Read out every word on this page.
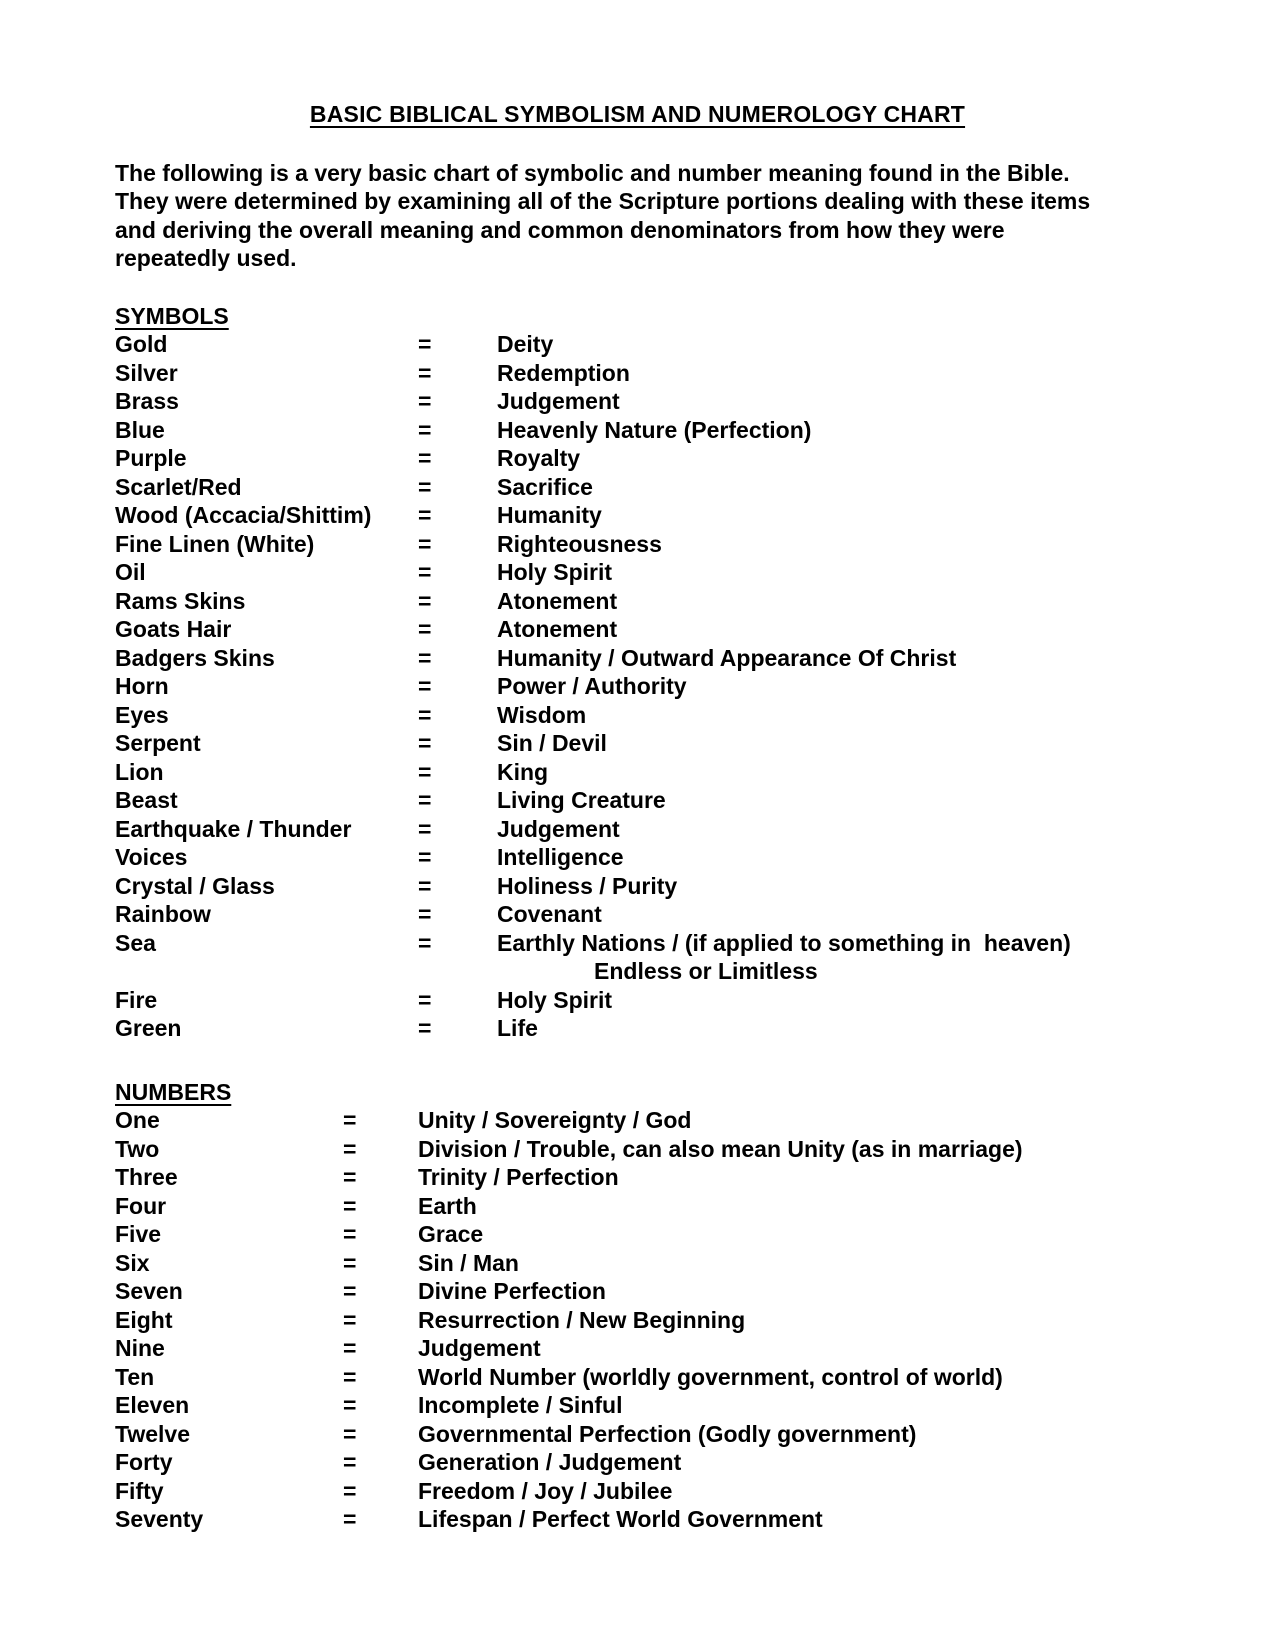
BASIC BIBLICAL SYMBOLISM AND NUMEROLOGY CHART
The following is a very basic chart of symbolic and number meaning found in the Bible.
They were determined by examining all of the Scripture portions dealing with these items
and deriving the overall meaning and common denominators from how they were
repeatedly used.
SYMBOLS
Gold	=	Deity
Silver	=	Redemption
Brass	=	Judgement
Blue	=	Heavenly Nature (Perfection)
Purple	=	Royalty
Scarlet/Red	=	Sacrifice
Wood (Accacia/Shittim)	=	Humanity
Fine Linen (White)	=	Righteousness
Oil	=	Holy Spirit
Rams Skins	=	Atonement
Goats Hair	=	Atonement
Badgers Skins	=	Humanity / Outward Appearance Of Christ
Horn	=	Power / Authority
Eyes	=	Wisdom
Serpent	=	Sin / Devil
Lion	=	King
Beast	=	Living Creature
Earthquake / Thunder	=	Judgement
Voices	=	Intelligence
Crystal / Glass	=	Holiness / Purity
Rainbow	=	Covenant
Sea	=	Earthly Nations / (if applied to something in  heaven)
Endless or Limitless
Fire	=	Holy Spirit
Green	=	Life
NUMBERS
One	=	Unity / Sovereignty / God
Two	=	Division / Trouble, can also mean Unity (as in marriage)
Three	=	Trinity / Perfection
Four	=	Earth
Five	=	Grace
Six	=	Sin / Man
Seven	=	Divine Perfection
Eight	=	Resurrection / New Beginning
Nine	=	Judgement
Ten	=	World Number (worldly government, control of world)
Eleven	=	Incomplete / Sinful
Twelve	=	Governmental Perfection (Godly government)
Forty	=	Generation / Judgement
Fifty	=	Freedom / Joy / Jubilee
Seventy	=	Lifespan / Perfect World Government
